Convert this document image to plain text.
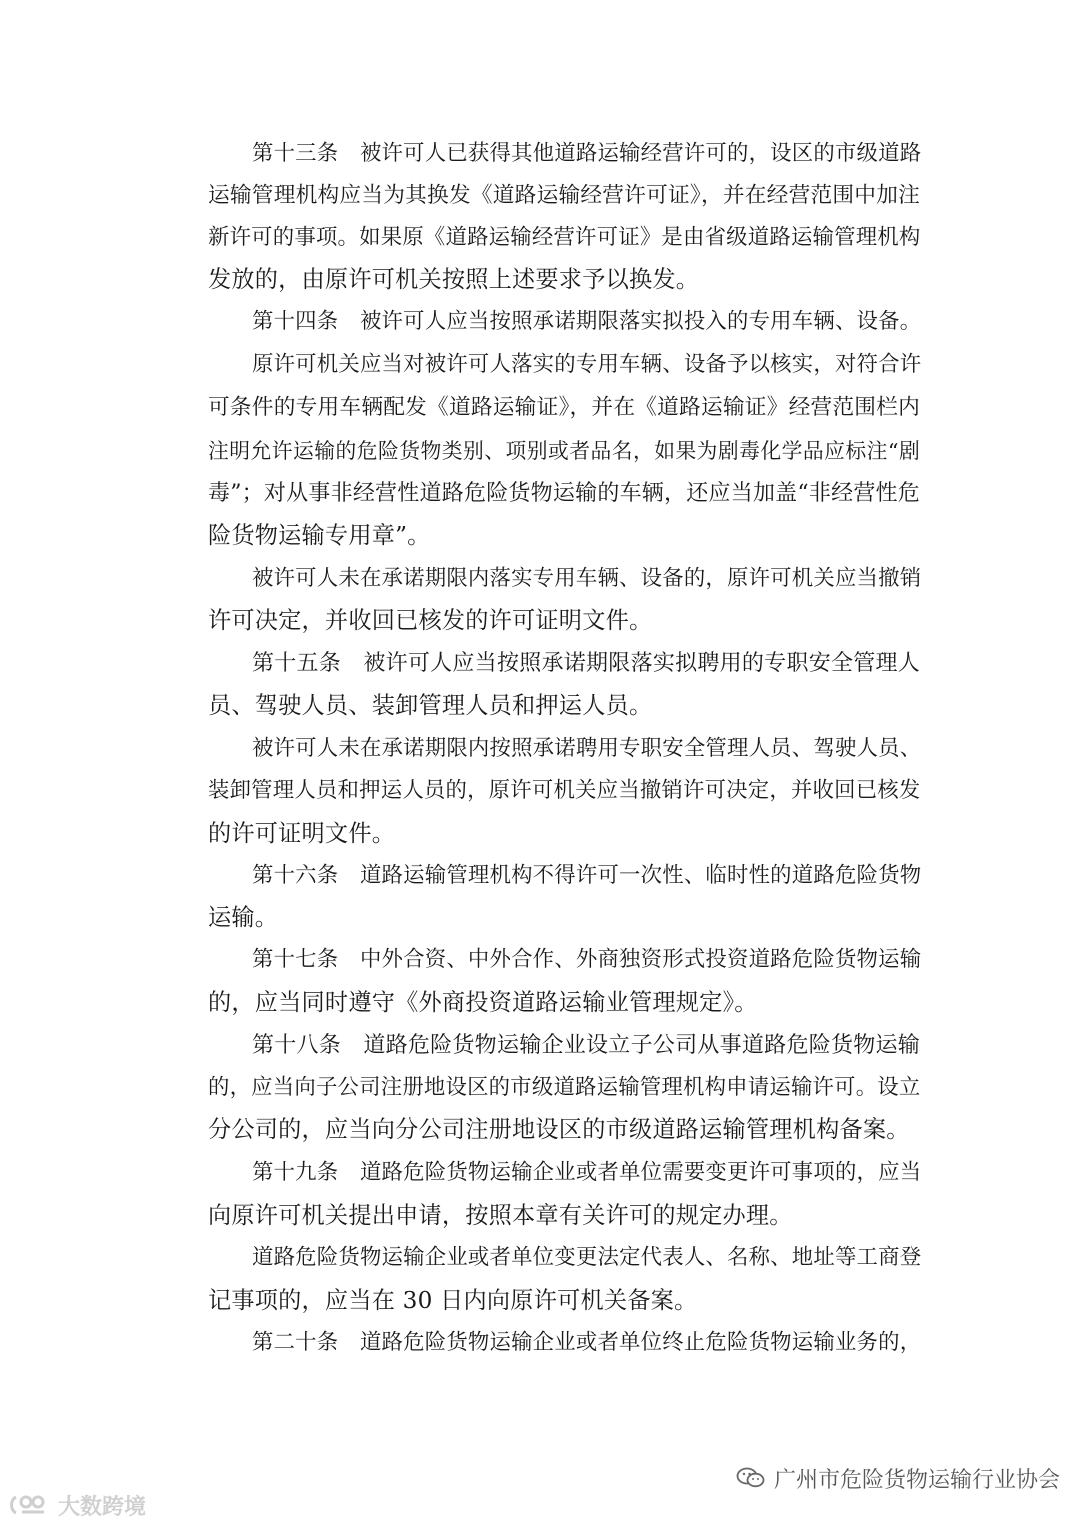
第十三条　被许可人已获得其他道路运输经营许可的，设区的市级道路
运输管理机构应当为其换发《道路运输经营许可证》，并在经营范围中加注
新许可的事项。如果原《道路运输经营许可证》是由省级道路运输管理机构
发放的，由原许可机关按照上述要求予以换发。
第十四条　被许可人应当按照承诺期限落实拟投入的专用车辆、设备。
原许可机关应当对被许可人落实的专用车辆、设备予以核实，对符合许
可条件的专用车辆配发《道路运输证》，并在《道路运输证》经营范围栏内
注明允许运输的危险货物类别、项别或者品名，如果为剧毒化学品应标注“剧
毒”；对从事非经营性道路危险货物运输的车辆，还应当加盖“非经营性危
险货物运输专用章”。
被许可人未在承诺期限内落实专用车辆、设备的，原许可机关应当撤销
许可决定，并收回已核发的许可证明文件。
第十五条　被许可人应当按照承诺期限落实拟聘用的专职安全管理人
员、驾驶人员、装卸管理人员和押运人员。
被许可人未在承诺期限内按照承诺聘用专职安全管理人员、驾驶人员、
装卸管理人员和押运人员的，原许可机关应当撤销许可决定，并收回已核发
的许可证明文件。
第十六条　道路运输管理机构不得许可一次性、临时性的道路危险货物
运输。
第十七条　中外合资、中外合作、外商独资形式投资道路危险货物运输
的，应当同时遵守《外商投资道路运输业管理规定》。
第十八条　道路危险货物运输企业设立子公司从事道路危险货物运输
的，应当向子公司注册地设区的市级道路运输管理机构申请运输许可。设立
分公司的，应当向分公司注册地设区的市级道路运输管理机构备案。
第十九条　道路危险货物运输企业或者单位需要变更许可事项的，应当
向原许可机关提出申请，按照本章有关许可的规定办理。
道路危险货物运输企业或者单位变更法定代表人、名称、地址等工商登
记事项的，应当在 30 日内向原许可机关备案。
第二十条　道路危险货物运输企业或者单位终止危险货物运输业务的，
广州市危险货物运输行业协会
大数跨境
